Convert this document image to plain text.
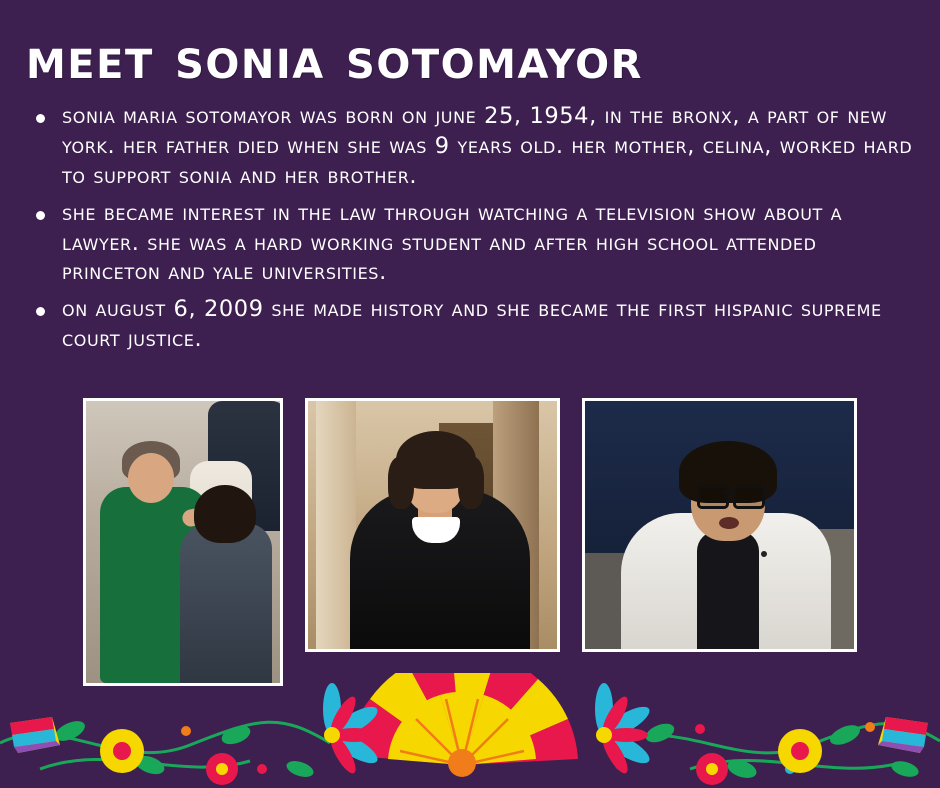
meet sonia sotomayor
sonia maria sotomayor was born on june 25, 1954, in the bronx, a part of new york. her father died when she was 9 years old. her mother, celina, worked hard to support sonia and her brother.
she became interest in the law through watching a television show about a lawyer. she was a hard working student and after high school attended princeton and yale universities.
on august 6, 2009 she made history and she became the first hispanic supreme court justice.
